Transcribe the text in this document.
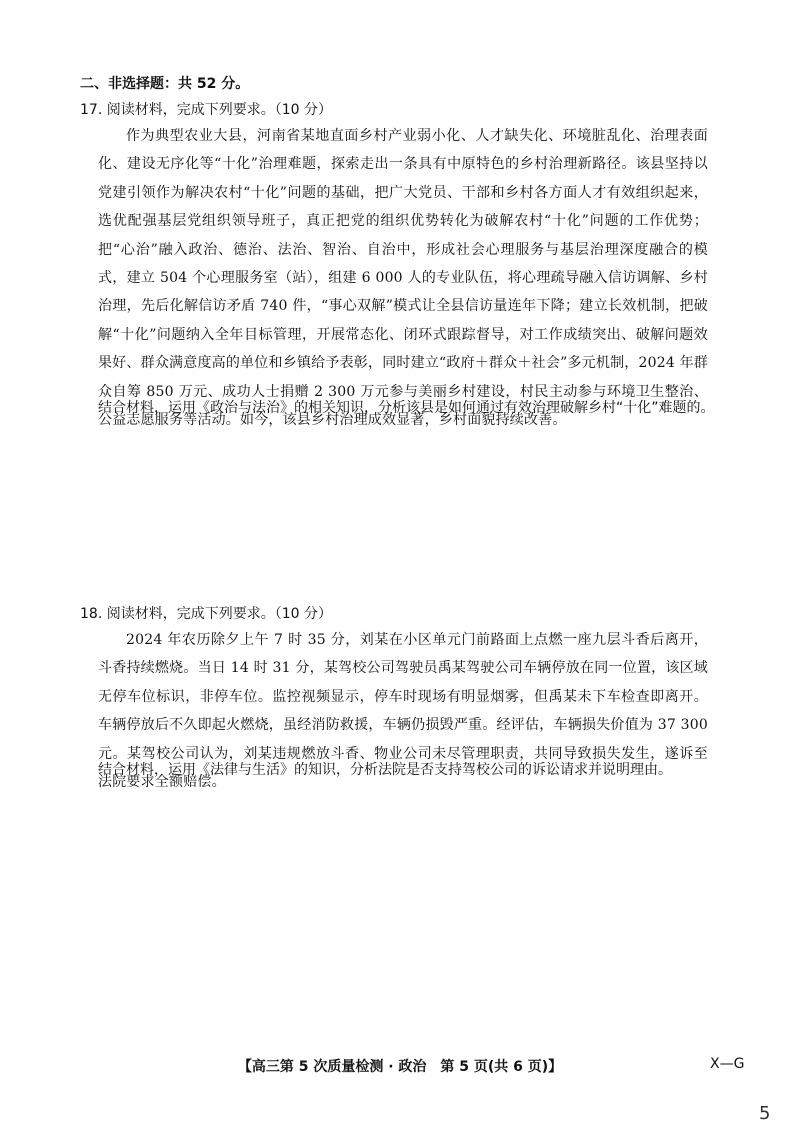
二、非选择题：共 52 分。
17. 阅读材料，完成下列要求。（10 分）
作为典型农业大县，河南省某地直面乡村产业弱小化、人才缺失化、环境脏乱化、治理表面化、建设无序化等“十化”治理难题，探索走出一条具有中原特色的乡村治理新路径。该县坚持以党建引领作为解决农村“十化”问题的基础，把广大党员、干部和乡村各方面人才有效组织起来，选优配强基层党组织领导班子，真正把党的组织优势转化为破解农村“十化”问题的工作优势；把“心治”融入政治、德治、法治、智治、自治中，形成社会心理服务与基层治理深度融合的模式，建立 504 个心理服务室（站），组建 6 000 人的专业队伍，将心理疏导融入信访调解、乡村治理，先后化解信访矛盾 740 件，“事心双解”模式让全县信访量连年下降；建立长效机制，把破解“十化”问题纳入全年目标管理，开展常态化、闭环式跟踪督导，对工作成绩突出、破解问题效果好、群众满意度高的单位和乡镇给予表彰，同时建立“政府＋群众＋社会”多元机制，2024 年群众自筹 850 万元、成功人士捐赠 2 300 万元参与美丽乡村建设，村民主动参与环境卫生整治、公益志愿服务等活动。如今，该县乡村治理成效显著，乡村面貌持续改善。
结合材料，运用《政治与法治》的相关知识，分析该县是如何通过有效治理破解乡村“十化”难题的。
18. 阅读材料，完成下列要求。（10 分）
2024 年农历除夕上午 7 时 35 分，刘某在小区单元门前路面上点燃一座九层斗香后离开，斗香持续燃烧。当日 14 时 31 分，某驾校公司驾驶员禹某驾驶公司车辆停放在同一位置，该区域无停车位标识，非停车位。监控视频显示，停车时现场有明显烟雾，但禹某未下车检查即离开。车辆停放后不久即起火燃烧，虽经消防救援，车辆仍损毁严重。经评估，车辆损失价值为 37 300 元。某驾校公司认为，刘某违规燃放斗香、物业公司未尽管理职责，共同导致损失发生，遂诉至法院要求全额赔偿。
结合材料，运用《法律与生活》的知识，分析法院是否支持驾校公司的诉讼请求并说明理由。
【高三第 5 次质量检测 · 政治　第 5 页(共 6 页)】	X—G
5
